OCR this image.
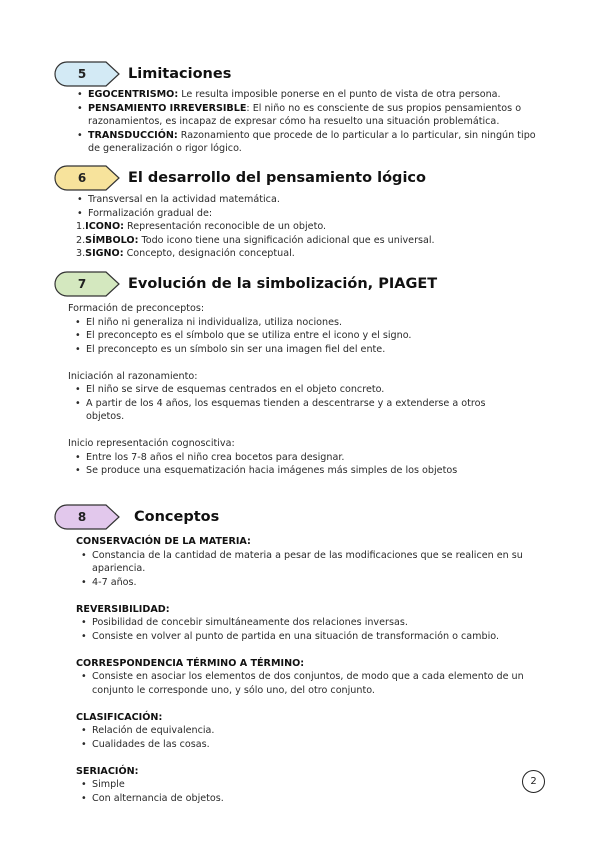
5	Limitaciones
• EGOCENTRISMO: Le resulta imposible ponerse en el punto de vista de otra persona.
• PENSAMIENTO IRREVERSIBLE: El niño no es consciente de sus propios pensamientos o razonamientos, es incapaz de expresar cómo ha resuelto una situación problemática.
• TRANSDUCCIÓN: Razonamiento que procede de lo particular a lo particular, sin ningún tipo de generalización o rigor lógico.
6	El desarrollo del pensamiento lógico
• Transversal en la actividad matemática.
• Formalización gradual de:
1.ICONO: Representación reconocible de un objeto.
2.SÍMBOLO: Todo icono tiene una significación adicional que es universal.
3.SIGNO: Concepto, designación conceptual.
7	Evolución de la simbolización, PIAGET
Formación de preconceptos:
• El niño ni generaliza ni individualiza, utiliza nociones.
• El preconcepto es el símbolo que se utiliza entre el icono y el signo.
• El preconcepto es un símbolo sin ser una imagen fiel del ente.
Iniciación al razonamiento:
• El niño se sirve de esquemas centrados en el objeto concreto.
• A partir de los 4 años, los esquemas tienden a descentrarse y a extenderse a otros objetos.
Inicio representación cognoscitiva:
• Entre los 7-8 años el niño crea bocetos para designar.
• Se produce una esquematización hacia imágenes más simples de los objetos
8	Conceptos
CONSERVACIÓN DE LA MATERIA:
• Constancia de la cantidad de materia a pesar de las modificaciones que se realicen en su apariencia.
• 4-7 años.
REVERSIBILIDAD:
• Posibilidad de concebir simultáneamente dos relaciones inversas.
• Consiste en volver al punto de partida en una situación de transformación o cambio.
CORRESPONDENCIA TÉRMINO A TÉRMINO:
• Consiste en asociar los elementos de dos conjuntos, de modo que a cada elemento de un conjunto le corresponde uno, y sólo uno, del otro conjunto.
CLASIFICACIÓN:
• Relación de equivalencia.
• Cualidades de las cosas.
SERIACIÓN:
• Simple
• Con alternancia de objetos.
2
